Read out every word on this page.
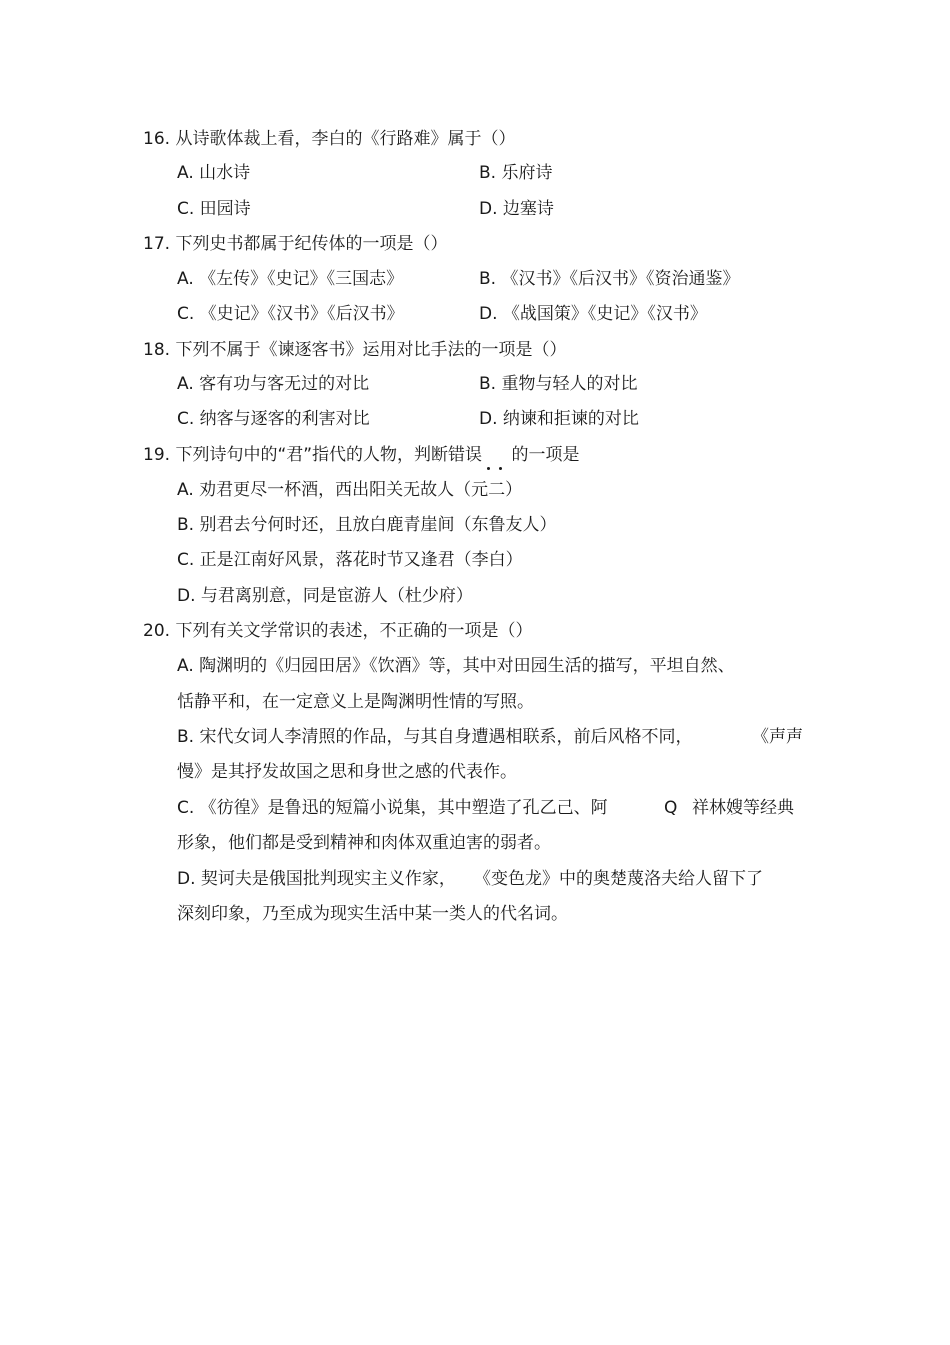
16. 从诗歌体裁上看，李白的《行路难》属于（）
A. 山水诗	B. 乐府诗
C. 田园诗	D. 边塞诗
17. 下列史书都属于纪传体的一项是（）
A. 《左传》《史记》《三国志》	B. 《汉书》《后汉书》《资治通鉴》
C. 《史记》《汉书》《后汉书》	D. 《战国策》《史记》《汉书》
18. 下列不属于《谏逐客书》运用对比手法的一项是（）
A. 客有功与客无过的对比	B. 重物与轻人的对比
C. 纳客与逐客的利害对比	D. 纳谏和拒谏的对比
19. 下列诗句中的“君”指代的人物，判断错误 的一项是
A. 劝君更尽一杯酒，西出阳关无故人（元二）
B. 别君去兮何时还，且放白鹿青崖间（东鲁友人）
C. 正是江南好风景，落花时节又逢君（李白）
D. 与君离别意，同是宦游人（杜少府）
20. 下列有关文学常识的表述，不正确的一项是（）
A. 陶渊明的《归园田居》《饮酒》等，其中对田园生活的描写，平坦自然、
恬静平和，在一定意义上是陶渊明性情的写照。
B. 宋代女词人李清照的作品，与其自身遭遇相联系，前后风格不同，	《声声
慢》是其抒发故国之思和身世之感的代表作。
C. 《彷徨》是鲁迅的短篇小说集，其中塑造了孔乙己、阿	Q 祥林嫂等经典
形象，他们都是受到精神和肉体双重迫害的弱者。
D. 契诃夫是俄国批判现实主义作家， 《变色龙》中的奥楚蔑洛夫给人留下了
深刻印象，乃至成为现实生活中某一类人的代名词。
